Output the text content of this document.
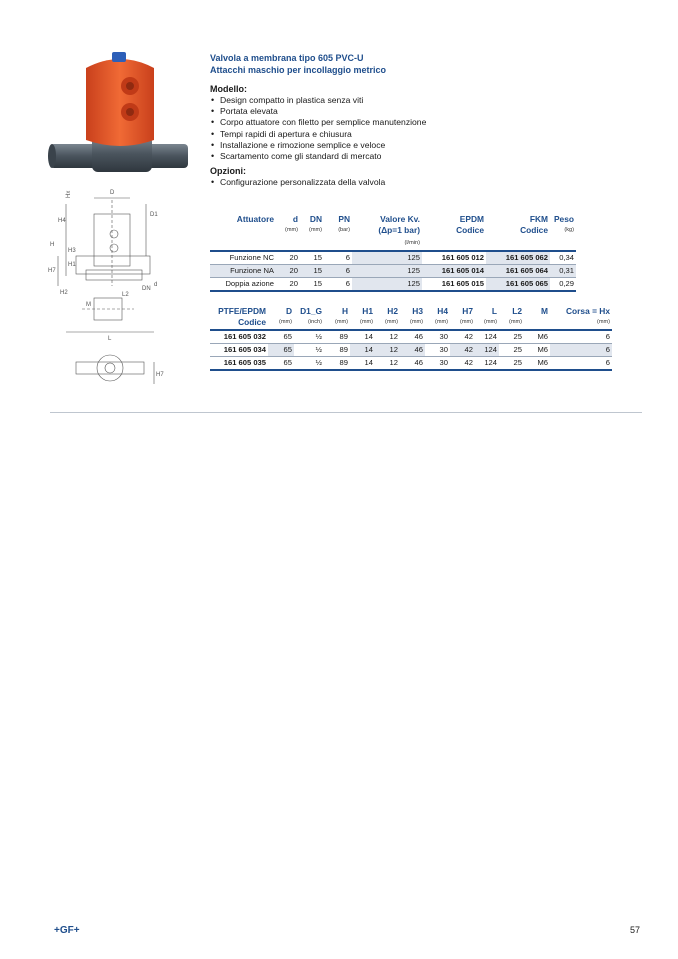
Hx	D
H4
D1
H
H3
H1
H7
H2
DN
d
M
L2
L
H7
Valvola a membrana tipo 605 PVC-U
Attacchi maschio per incollaggio metrico
Modello:
• Design compatto in plastica senza viti
• Portata elevata
• Corpo attuatore con filetto per semplice manutenzione
• Tempi rapidi di apertura e chiusura
• Installazione e rimozione semplice e veloce
• Scartamento come gli standard di mercato
Opzioni:
• Configurazione personalizzata della valvola
Attuatore	d	DN	PN	Valore Kv.	EPDM	FKM	Peso
	(mm)	(mm)	(bar)	(Δp=1 bar)	Codice	Codice	(kg)
				(l/min)			
Funzione NC	20	15	6	125	161 605 012	161 605 062	0,34
Funzione NA	20	15	6	125	161 605 014	161 605 064	0,31
Doppia azione	20	15	6	125	161 605 015	161 605 065	0,29
PTFE/EPDM	D	D1_G	H	H1	H2	H3	H4	H7	L	L2	M	Corsa = Hx
Codice	(mm)	(inch)	(mm)	(mm)	(mm)	(mm)	(mm)	(mm)	(mm)	(mm)		(mm)
161 605 032	65	½	89	14	12	46	30	42	124	25	M6	6
161 605 034	65	½	89	14	12	46	30	42	124	25	M6	6
161 605 035	65	½	89	14	12	46	30	42	124	25	M6	6
+GF+	57
